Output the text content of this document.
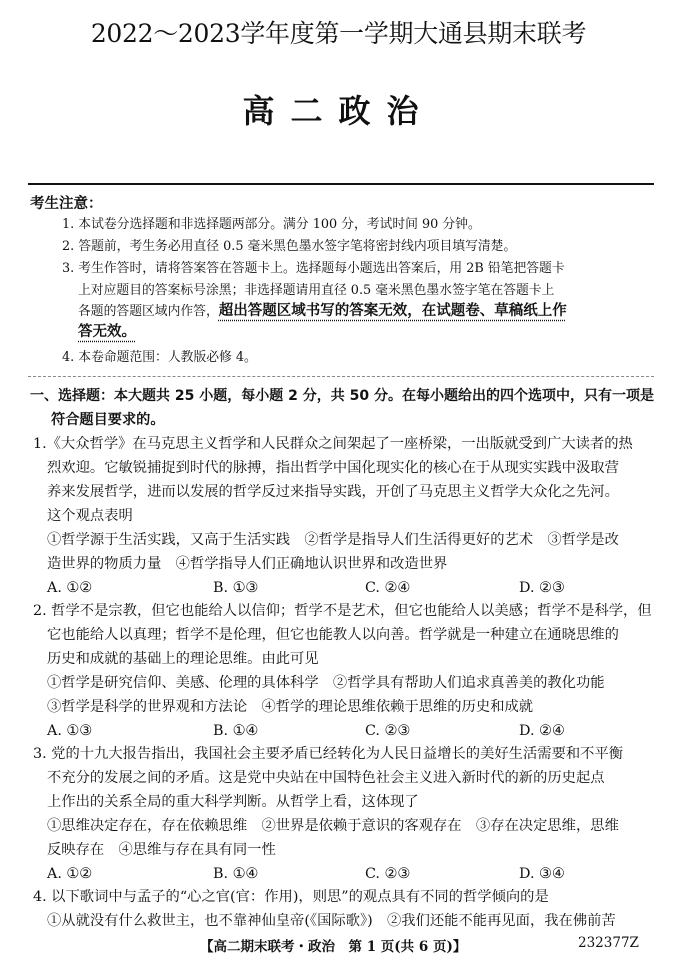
2022～2023学年度第一学期大通县期末联考
高二政治
考生注意：
1. 本试卷分选择题和非选择题两部分。满分 100 分，考试时间 90 分钟。
2. 答题前，考生务必用直径 0.5 毫米黑色墨水签字笔将密封线内项目填写清楚。
3. 考生作答时，请将答案答在答题卡上。选择题每小题选出答案后，用 2B 铅笔把答题卡
上对应题目的答案标号涂黑；非选择题请用直径 0.5 毫米黑色墨水签字笔在答题卡上
各题的答题区域内作答，超出答题区域书写的答案无效，在试题卷、草稿纸上作
答无效。
4. 本卷命题范围：人教版必修 4。
一、选择题：本大题共 25 小题，每小题 2 分，共 50 分。在每小题给出的四个选项中，只有一项是
符合题目要求的。
1.《大众哲学》在马克思主义哲学和人民群众之间架起了一座桥梁，一出版就受到广大读者的热
烈欢迎。它敏锐捕捉到时代的脉搏，指出哲学中国化现实化的核心在于从现实实践中汲取营
养来发展哲学，进而以发展的哲学反过来指导实践，开创了马克思主义哲学大众化之先河。
这个观点表明
①哲学源于生活实践，又高于生活实践　②哲学是指导人们生活得更好的艺术　③哲学是改
造世界的物质力量　④哲学指导人们正确地认识世界和改造世界
A. ①②	B. ①③	C. ②④	D. ②③
2. 哲学不是宗教，但它也能给人以信仰；哲学不是艺术，但它也能给人以美感；哲学不是科学，但
它也能给人以真理；哲学不是伦理，但它也能教人以向善。哲学就是一种建立在通晓思维的
历史和成就的基础上的理论思维。由此可见
①哲学是研究信仰、美感、伦理的具体科学　②哲学具有帮助人们追求真善美的教化功能
③哲学是科学的世界观和方法论　④哲学的理论思维依赖于思维的历史和成就
A. ①③	B. ①④	C. ②③	D. ②④
3. 党的十九大报告指出，我国社会主要矛盾已经转化为人民日益增长的美好生活需要和不平衡
不充分的发展之间的矛盾。这是党中央站在中国特色社会主义进入新时代的新的历史起点
上作出的关系全局的重大科学判断。从哲学上看，这体现了
①思维决定存在，存在依赖思维　②世界是依赖于意识的客观存在　③存在决定思维，思维
反映存在　④思维与存在具有同一性
A. ①②	B. ①④	C. ②③	D. ③④
4. 以下歌词中与孟子的“心之官(官：作用)，则思”的观点具有不同的哲学倾向的是
①从就没有什么救世主，也不靠神仙皇帝(《国际歌》)　②我们还能不能再见面，我在佛前苦
【高二期末联考・政治　第 1 页(共 6 页)】	232377Z
